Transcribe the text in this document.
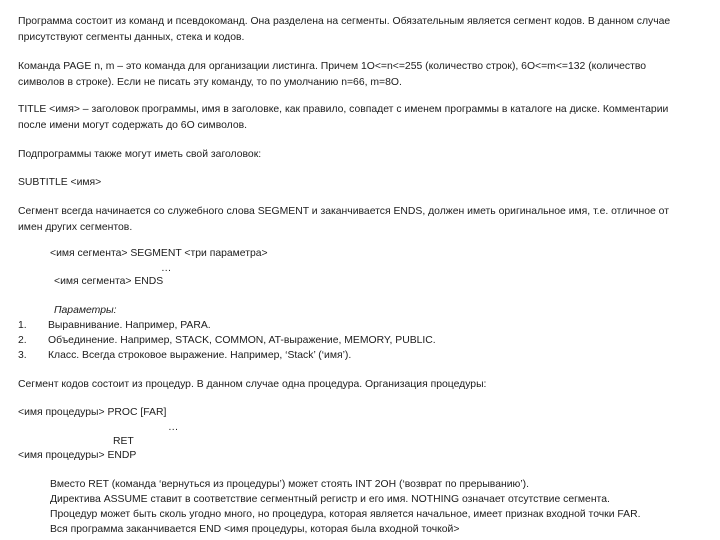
Программа состоит из команд и псевдокоманд. Она разделена на сегменты. Обязательным является сегмент кодов. В данном случае
присутствуют сегменты данных, стека и кодов.
Команда PAGE n, m – это команда для организации листинга. Причем 1О<=n<=255 (количество строк), 6О<=m<=132 (количество
символов в строке). Если не писать эту команду, то по умолчанию n=66, m=8О.
TITLE <имя> – заголовок программы, имя в заголовке, как правило, совпадет с именем программы в каталоге на диске. Комментарии
после имени могут содержать до 6О символов.
Подпрограммы также могут иметь свой заголовок:
SUBTITLE <имя>
Сегмент всегда начинается со служебного слова SEGMENT и заканчивается ENDS, должен иметь оригинальное имя, т.е. отличное от
имен других сегментов.
<имя сегмента> SEGMENT <три параметра>
…
<имя сегмента> ENDS
Параметры:
1. Выравнивание. Например, PARA.
2. Объединение. Например, STACK, COMMON, AT-выражение, MEMORY, PUBLIC.
3. Класс. Всегда строковое выражение. Например, ‘Stack’ (‘имя’).
Сегмент кодов состоит из процедур. В данном случае одна процедура. Организация процедуры:
<имя процедуры> PROC [FAR]
…
RET
<имя процедуры> ENDP
Вместо RET (команда ‘вернуться из процедуры’) может стоять INT 2ОН (‘возврат по прерыванию’).
Директива ASSUME ставит в соответствие сегментный регистр и его имя. NOTHING означает отсутствие сегмента.
Процедур может быть сколь угодно много, но процедура, которая является начальное, имеет признак входной точки FAR.
Вся программа заканчивается END <имя процедуры, которая была входной точкой>
